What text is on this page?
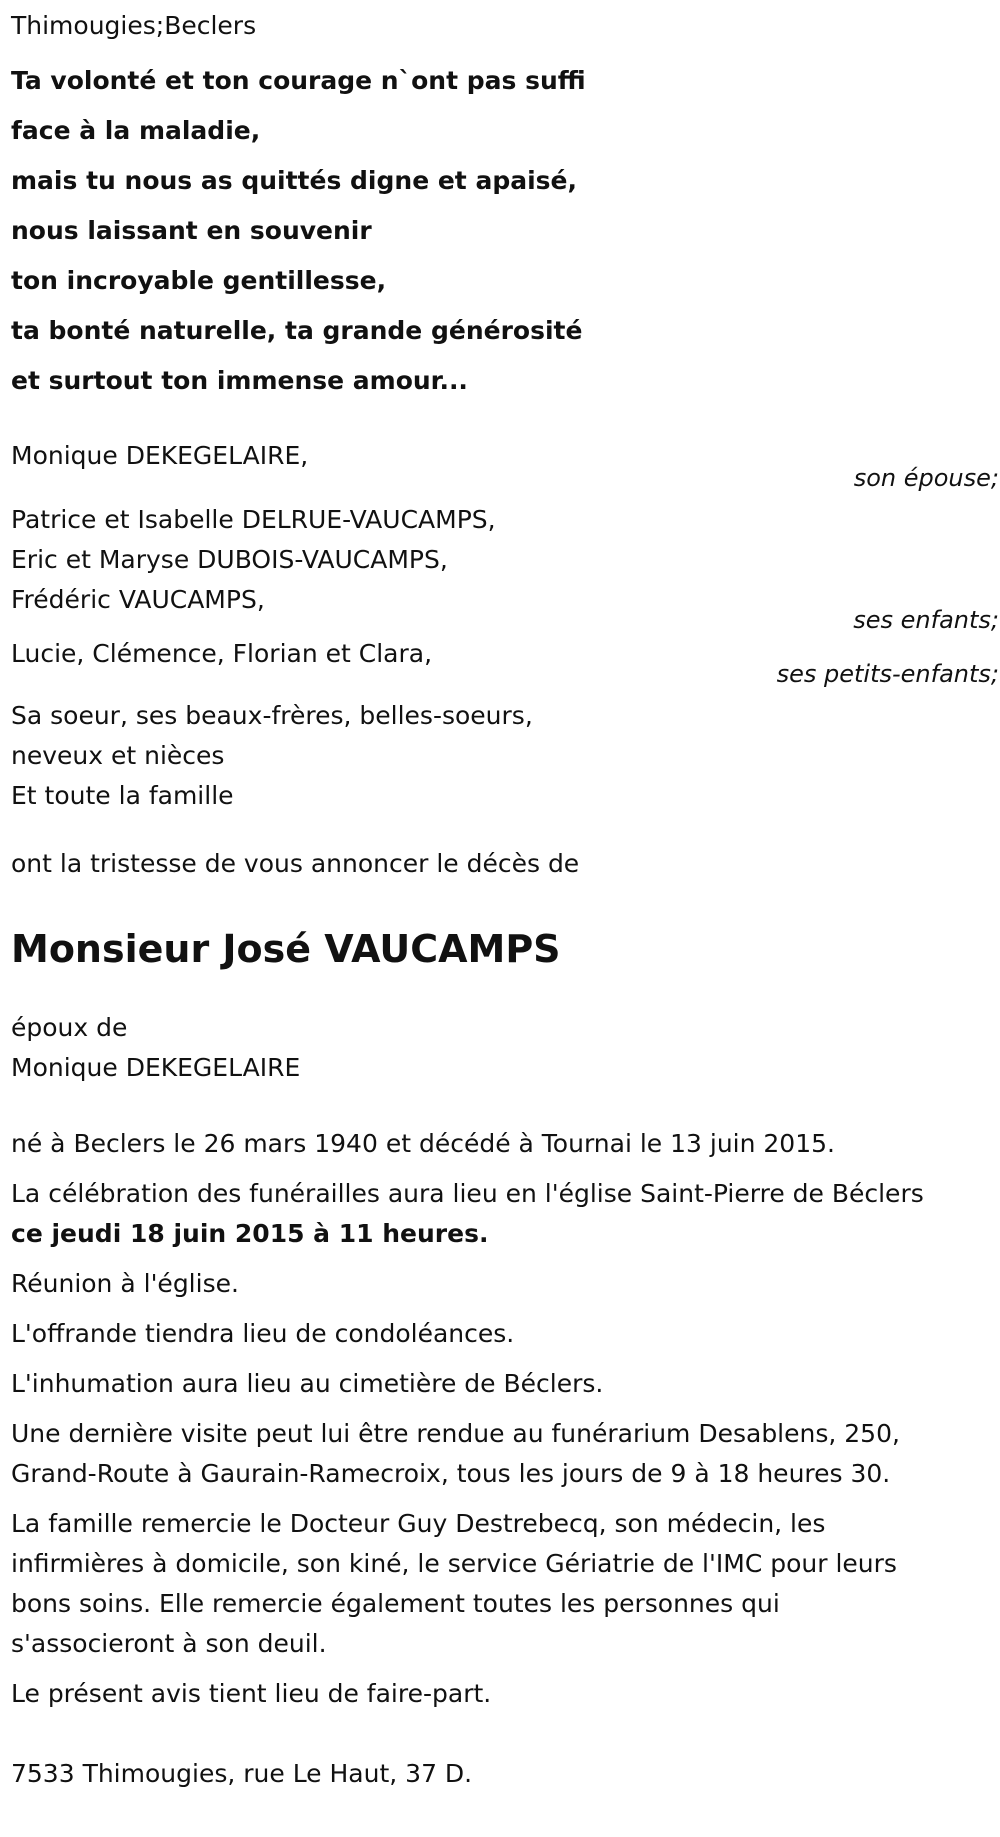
Thimougies;Beclers
Ta volonté et ton courage n`ont pas suffi
face à la maladie,
mais tu nous as quittés digne et apaisé,
nous laissant en souvenir
ton incroyable gentillesse,
ta bonté naturelle, ta grande générosité
et surtout ton immense amour...
Monique DEKEGELAIRE,
son épouse;
Patrice et Isabelle DELRUE-VAUCAMPS,
Eric et Maryse DUBOIS-VAUCAMPS,
Frédéric VAUCAMPS,
ses enfants;
Lucie, Clémence, Florian et Clara,
ses petits-enfants;
Sa soeur, ses beaux-frères, belles-soeurs,
neveux et nièces
Et toute la famille
ont la tristesse de vous annoncer le décès de
Monsieur José VAUCAMPS
époux de
Monique DEKEGELAIRE
né à Beclers le 26 mars 1940 et décédé à Tournai le 13 juin 2015.
La célébration des funérailles aura lieu en l'église Saint-Pierre de Béclers
ce jeudi 18 juin 2015 à 11 heures.
Réunion à l'église.
L'offrande tiendra lieu de condoléances.
L'inhumation aura lieu au cimetière de Béclers.
Une dernière visite peut lui être rendue au funérarium Desablens, 250,
Grand-Route à Gaurain-Ramecroix, tous les jours de 9 à 18 heures 30.
La famille remercie le Docteur Guy Destrebecq, son médecin, les
infirmières à domicile, son kiné, le service Gériatrie de l'IMC pour leurs
bons soins. Elle remercie également toutes les personnes qui
s'associeront à son deuil.
Le présent avis tient lieu de faire-part.
7533 Thimougies, rue Le Haut, 37 D.
